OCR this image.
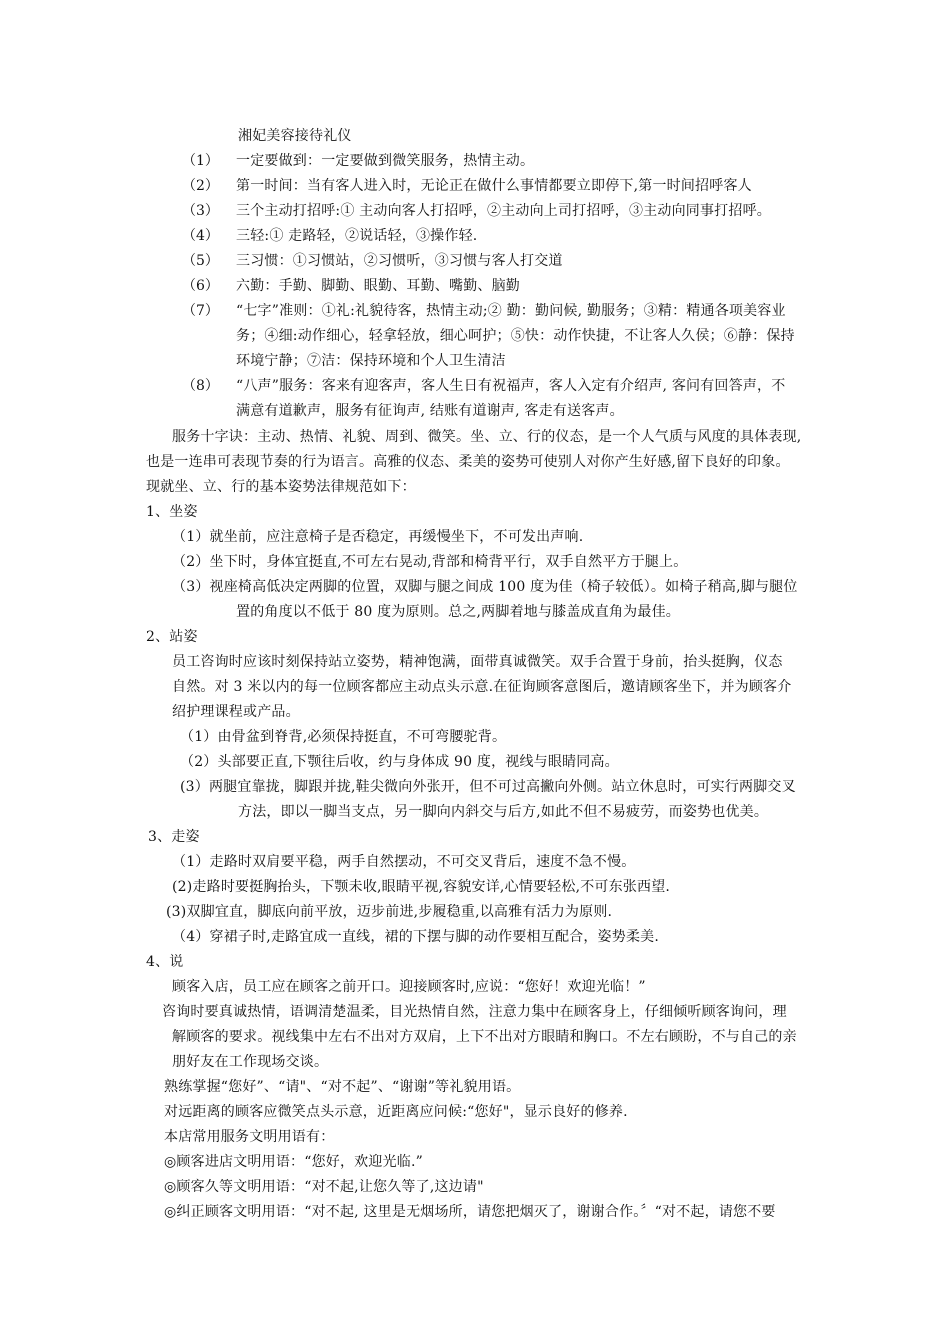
湘妃美容接待礼仪
（1） 一定要做到：一定要做到微笑服务，热情主动。
（2） 第一时间：当有客人进入时，无论正在做什么事情都要立即停下,第一时间招呼客人
（3） 三个主动打招呼:① 主动向客人打招呼，②主动向上司打招呼，③主动向同事打招呼。
（4） 三轻:① 走路轻，②说话轻，③操作轻.
（5） 三习惯：①习惯站，②习惯听，③习惯与客人打交道
（6） 六勤：手勤、脚勤、眼勤、耳勤、嘴勤、脑勤
（7） “七字”准则：①礼:礼貌待客，热情主动;② 勤：勤问候, 勤服务；③精：精通各项美容业
务；④细:动作细心，轻拿轻放，细心呵护；⑤快：动作快捷，不让客人久侯；⑥静：保持
环境宁静；⑦洁：保持环境和个人卫生清洁
（8） “八声”服务：客来有迎客声，客人生日有祝福声，客人入定有介绍声, 客问有回答声，不
满意有道歉声，服务有征询声, 结账有道谢声, 客走有送客声。
服务十字诀：主动、热情、礼貌、周到、微笑。坐、立、行的仪态，是一个人气质与风度的具体表现,
也是一连串可表现节奏的行为语言。高雅的仪态、柔美的姿势可使别人对你产生好感,留下良好的印象。
现就坐、立、行的基本姿势法律规范如下：
1、坐姿
（1）就坐前，应注意椅子是否稳定，再缓慢坐下，不可发出声响.
（2）坐下时，身体宜挺直,不可左右晃动,背部和椅背平行，双手自然平方于腿上。
（3）视座椅高低决定两脚的位置，双脚与腿之间成 100 度为佳（椅子较低）。如椅子稍高,脚与腿位
置的角度以不低于 80 度为原则。总之,两脚着地与膝盖成直角为最佳。
2、站姿
员工咨询时应该时刻保持站立姿势，精神饱满，面带真诚微笑。双手合置于身前，抬头挺胸，仪态
自然。对 3 米以内的每一位顾客都应主动点头示意.在征询顾客意图后，邀请顾客坐下，并为顾客介
绍护理课程或产品。
（1）由骨盆到脊背,必须保持挺直，不可弯腰驼背。
（2）头部要正直,下颚往后收，约与身体成 90 度，视线与眼睛同高。
(3）两腿宜靠拢，脚跟并拢,鞋尖微向外张开，但不可过高撇向外侧。站立休息时，可实行两脚交叉
方法，即以一脚当支点，另一脚向内斜交与后方,如此不但不易疲劳，而姿势也优美。
3、走姿
（1）走路时双肩要平稳，两手自然摆动，不可交叉背后，速度不急不慢。
(2)走路时要挺胸抬头，下颚未收,眼睛平视,容貌安详,心情要轻松,不可东张西望.
(3)双脚宜直，脚底向前平放，迈步前进,步履稳重,以高雅有活力为原则.
（4）穿裙子时,走路宜成一直线，裙的下摆与脚的动作要相互配合，姿势柔美.
4、说
顾客入店，员工应在顾客之前开口。迎接顾客时,应说：“您好！欢迎光临！”
咨询时要真诚热情，语调清楚温柔，目光热情自然，注意力集中在顾客身上，仔细倾听顾客询问，理
解顾客的要求。视线集中左右不出对方双肩，上下不出对方眼睛和胸口。不左右顾盼，不与自己的亲
朋好友在工作现场交谈。
熟练掌握“您好”、“请"、“对不起”、“谢谢”等礼貌用语。
对远距离的顾客应微笑点头示意，近距离应问候:“您好"，显示良好的修养.
本店常用服务文明用语有：
◎顾客进店文明用语：“您好，欢迎光临.”
◎顾客久等文明用语：“对不起,让您久等了,这边请"
◎纠正顾客文明用语：“对不起, 这里是无烟场所，请您把烟灭了，谢谢合作。〞“对不起，请您不要
